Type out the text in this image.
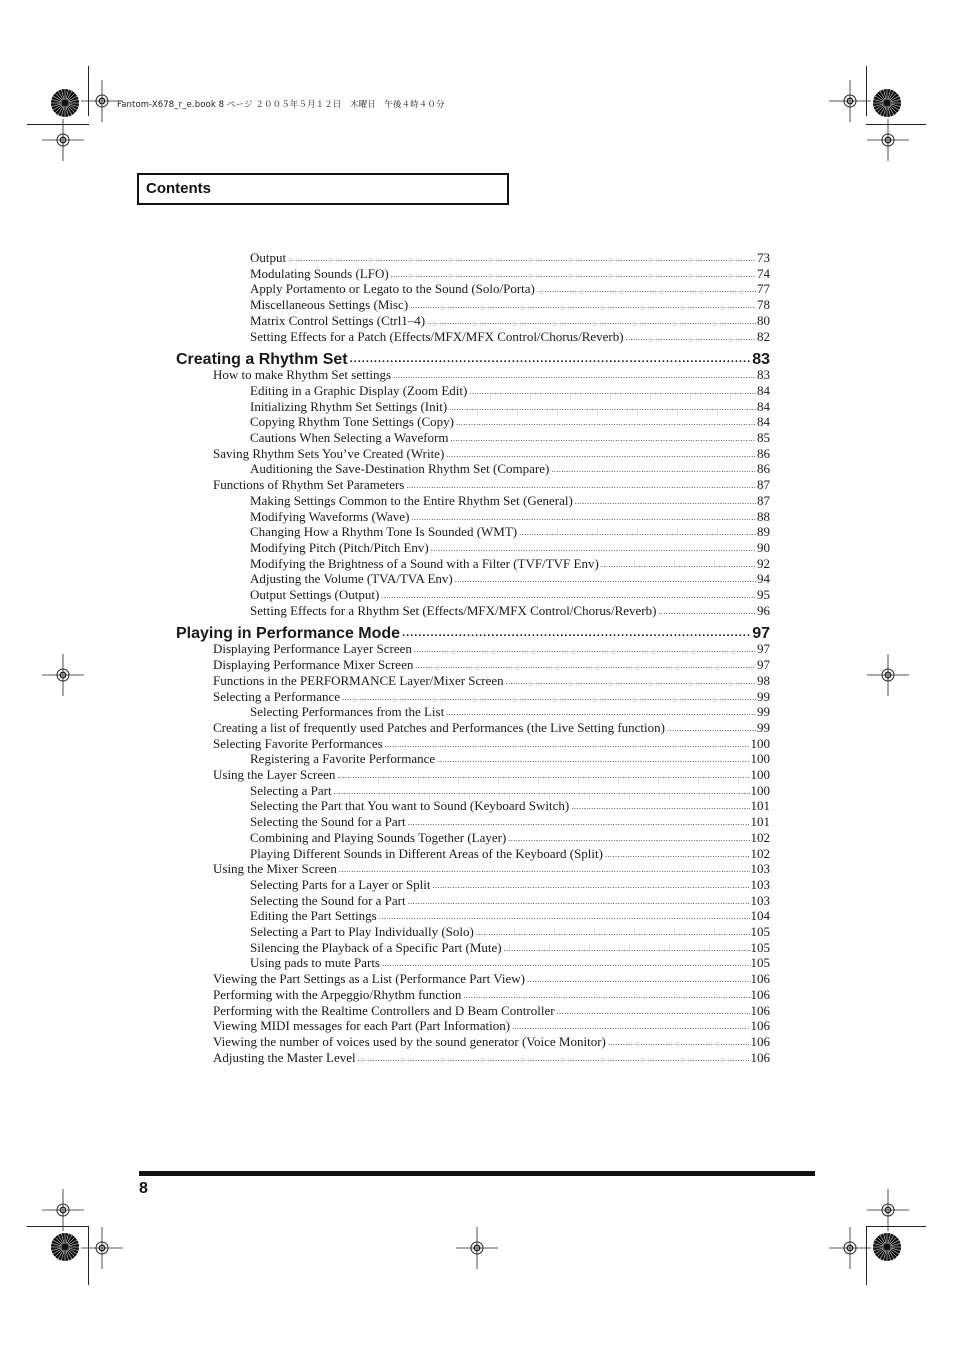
Fantom-X678_r_e.book 8 ページ ２００５年５月１２日　木曜日　午後４時４０分
Contents
Output .....	73
Modulating Sounds (LFO) .....	74
Apply Portamento or Legato to the Sound (Solo/Porta) .....	77
Miscellaneous Settings (Misc) .....	78
Matrix Control Settings (Ctrl1–4) .....	80
Setting Effects for a Patch (Effects/MFX/MFX Control/Chorus/Reverb) .....	82
Creating a Rhythm Set .....	83
How to make Rhythm Set settings .....	83
Editing in a Graphic Display (Zoom Edit) .....	84
Initializing Rhythm Set Settings (Init) .....	84
Copying Rhythm Tone Settings (Copy) .....	84
Cautions When Selecting a Waveform .....	85
Saving Rhythm Sets You’ve Created (Write) .....	86
Auditioning the Save-Destination Rhythm Set (Compare) .....	86
Functions of Rhythm Set Parameters .....	87
Making Settings Common to the Entire Rhythm Set (General) .....	87
Modifying Waveforms (Wave) .....	88
Changing How a Rhythm Tone Is Sounded (WMT) .....	89
Modifying Pitch (Pitch/Pitch Env) .....	90
Modifying the Brightness of a Sound with a Filter (TVF/TVF Env) .....	92
Adjusting the Volume (TVA/TVA Env) .....	94
Output Settings (Output) .....	95
Setting Effects for a Rhythm Set (Effects/MFX/MFX Control/Chorus/Reverb) .....	96
Playing in Performance Mode .....	97
Displaying Performance Layer Screen .....	97
Displaying Performance Mixer Screen .....	97
Functions in the PERFORMANCE Layer/Mixer Screen .....	98
Selecting a Performance .....	99
Selecting Performances from the List .....	99
Creating a list of frequently used Patches and Performances (the Live Setting function) .....	99
Selecting Favorite Performances .....	100
Registering a Favorite Performance .....	100
Using the Layer Screen .....	100
Selecting a Part .....	100
Selecting the Part that You want to Sound (Keyboard Switch) .....	101
Selecting the Sound for a Part .....	101
Combining and Playing Sounds Together (Layer) .....	102
Playing Different Sounds in Different Areas of the Keyboard (Split) .....	102
Using the Mixer Screen .....	103
Selecting Parts for a Layer or Split .....	103
Selecting the Sound for a Part .....	103
Editing the Part Settings .....	104
Selecting a Part to Play Individually (Solo) .....	105
Silencing the Playback of a Specific Part (Mute) .....	105
Using pads to mute Parts .....	105
Viewing the Part Settings as a List (Performance Part View) .....	106
Performing with the Arpeggio/Rhythm function .....	106
Performing with the Realtime Controllers and D Beam Controller .....	106
Viewing MIDI messages for each Part (Part Information) .....	106
Viewing the number of voices used by the sound generator (Voice Monitor) .....	106
Adjusting the Master Level .....	106
8
